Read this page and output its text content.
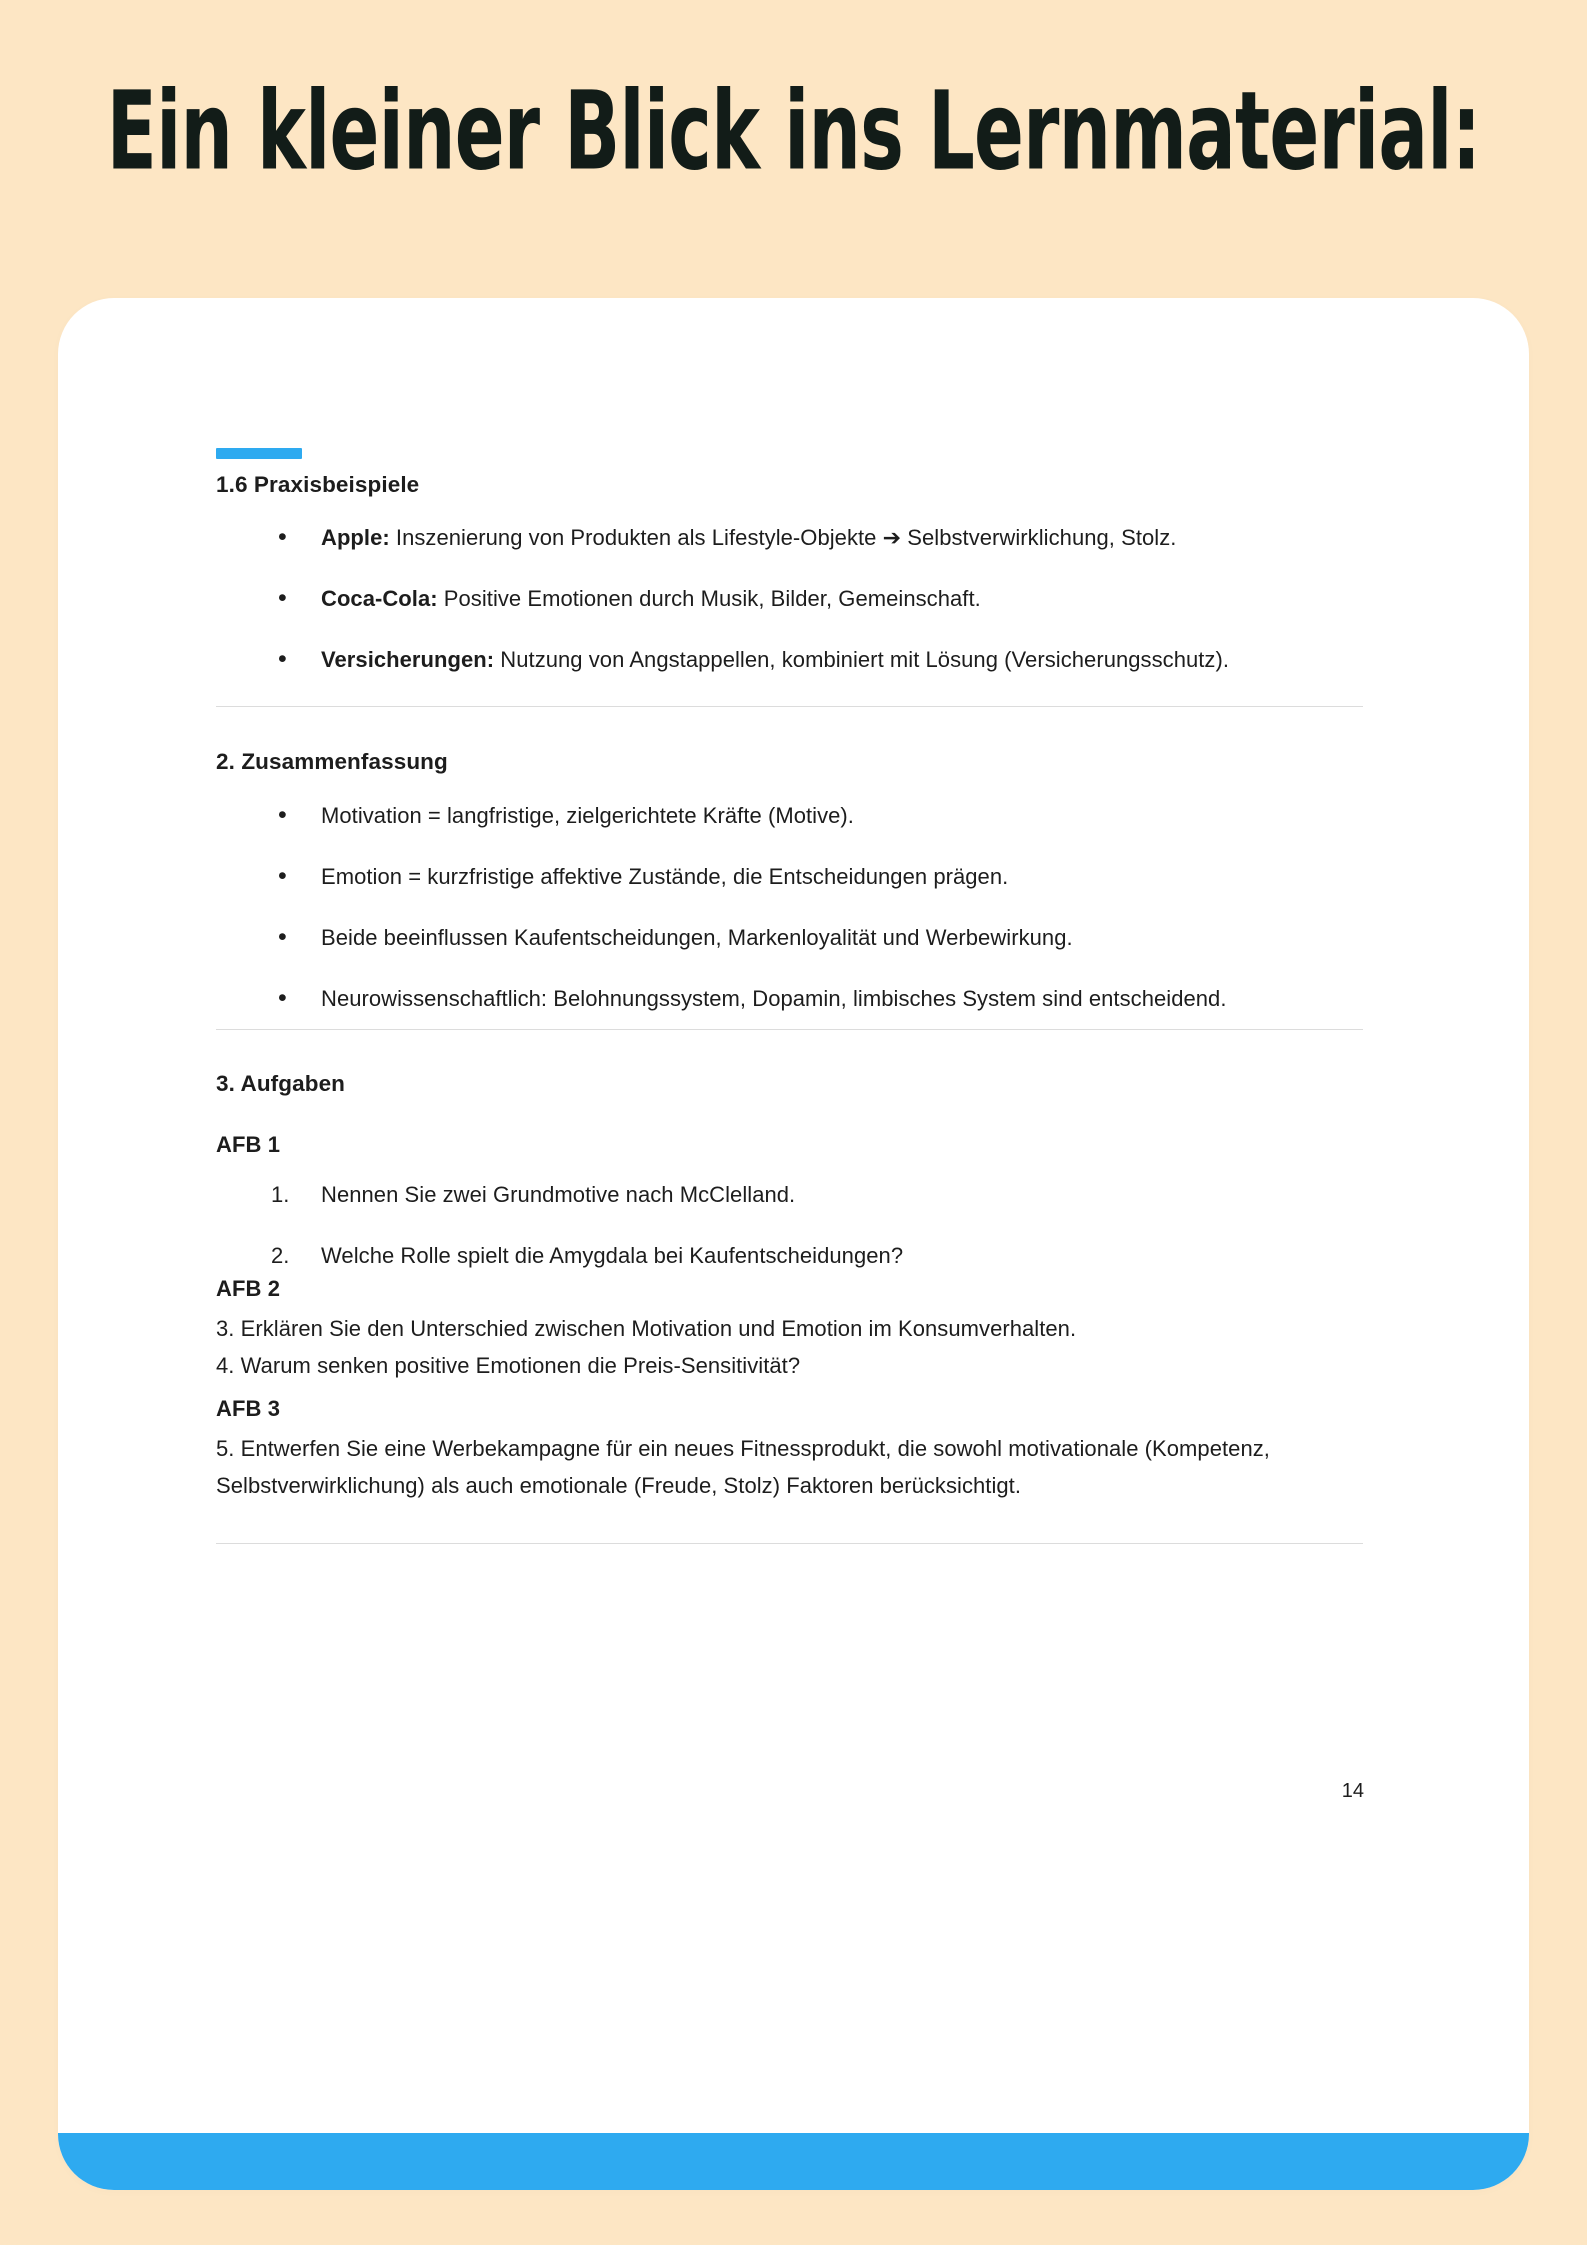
Ein kleiner Blick ins Lernmaterial:
1.6 Praxisbeispiele
• Apple: Inszenierung von Produkten als Lifestyle-Objekte ➔ Selbstverwirklichung, Stolz.
• Coca-Cola: Positive Emotionen durch Musik, Bilder, Gemeinschaft.
• Versicherungen: Nutzung von Angstappellen, kombiniert mit Lösung (Versicherungsschutz).
2. Zusammenfassung
• Motivation = langfristige, zielgerichtete Kräfte (Motive).
• Emotion = kurzfristige affektive Zustände, die Entscheidungen prägen.
• Beide beeinflussen Kaufentscheidungen, Markenloyalität und Werbewirkung.
• Neurowissenschaftlich: Belohnungssystem, Dopamin, limbisches System sind entscheidend.
3. Aufgaben
AFB 1
Nennen Sie zwei Grundmotive nach McClelland.
Welche Rolle spielt die Amygdala bei Kaufentscheidungen?
AFB 2
3. Erklären Sie den Unterschied zwischen Motivation und Emotion im Konsumverhalten.
4. Warum senken positive Emotionen die Preis-Sensitivität?
AFB 3
5. Entwerfen Sie eine Werbekampagne für ein neues Fitnessprodukt, die sowohl motivationale (Kompetenz, Selbstverwirklichung) als auch emotionale (Freude, Stolz) Faktoren berücksichtigt.
14
